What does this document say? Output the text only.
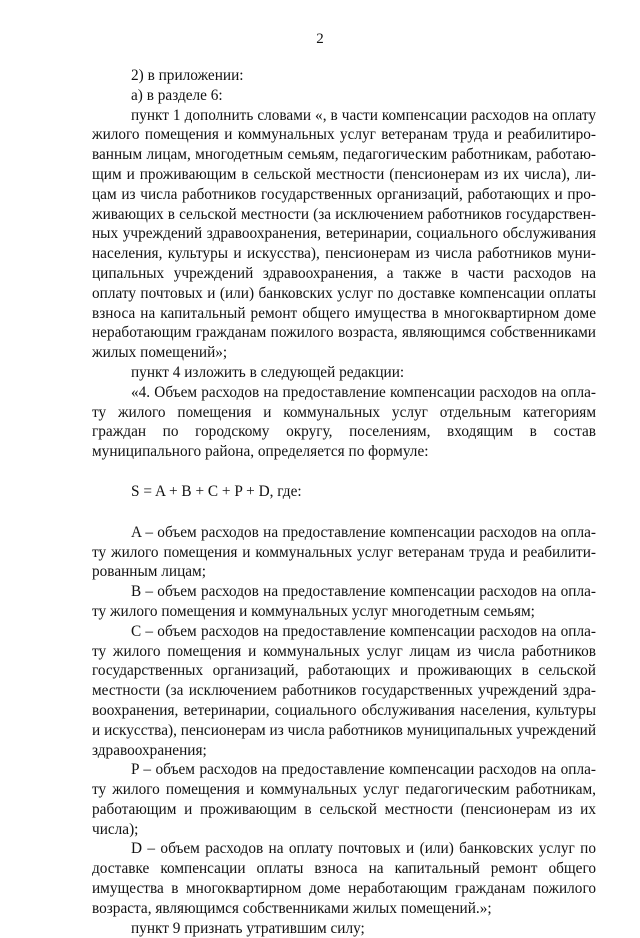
2

2) в приложении:

а) в разделе 6:

пункт 1 дополнить словами «, в части компенсации расходов на оплату жилого помещения и коммунальных услуг ветеранам труда и реабилитированным лицам, многодетным семьям, педагогическим работникам, работающим и проживающим в сельской местности (пенсионерам из их числа), лицам из числа работников государственных организаций, работающих и проживающих в сельской местности (за исключением работников государственных учреждений здравоохранения, ветеринарии, социального обслуживания населения, культуры и искусства), пенсионерам из числа работников муниципальных учреждений здравоохранения, а также в части расходов на оплату почтовых и (или) банковских услуг по доставке компенсации оплаты взноса на капитальный ремонт общего имущества в многоквартирном доме неработающим гражданам пожилого возраста, являющимся собственниками жилых помещений»;

пункт 4 изложить в следующей редакции:

«4. Объем расходов на предоставление компенсации расходов на оплату жилого помещения и коммунальных услуг отдельным категориям граждан по городскому округу, поселениям, входящим в состав муниципального района, определяется по формуле:

S = A + B + C + P + D, где:

A – объем расходов на предоставление компенсации расходов на оплату жилого помещения и коммунальных услуг ветеранам труда и реабилитированным лицам;

B – объем расходов на предоставление компенсации расходов на оплату жилого помещения и коммунальных услуг многодетным семьям;

C – объем расходов на предоставление компенсации расходов на оплату жилого помещения и коммунальных услуг лицам из числа работников государственных организаций, работающих и проживающих в сельской местности (за исключением работников государственных учреждений здравоохранения, ветеринарии, социального обслуживания населения, культуры и искусства), пенсионерам из числа работников муниципальных учреждений здравоохранения;

P – объем расходов на предоставление компенсации расходов на оплату жилого помещения и коммунальных услуг педагогическим работникам, работающим и проживающим в сельской местности (пенсионерам из их числа);

D – объем расходов на оплату почтовых и (или) банковских услуг по доставке компенсации оплаты взноса на капитальный ремонт общего имущества в многоквартирном доме неработающим гражданам пожилого возраста, являющимся собственниками жилых помещений.»;

пункт 9 признать утратившим силу;
